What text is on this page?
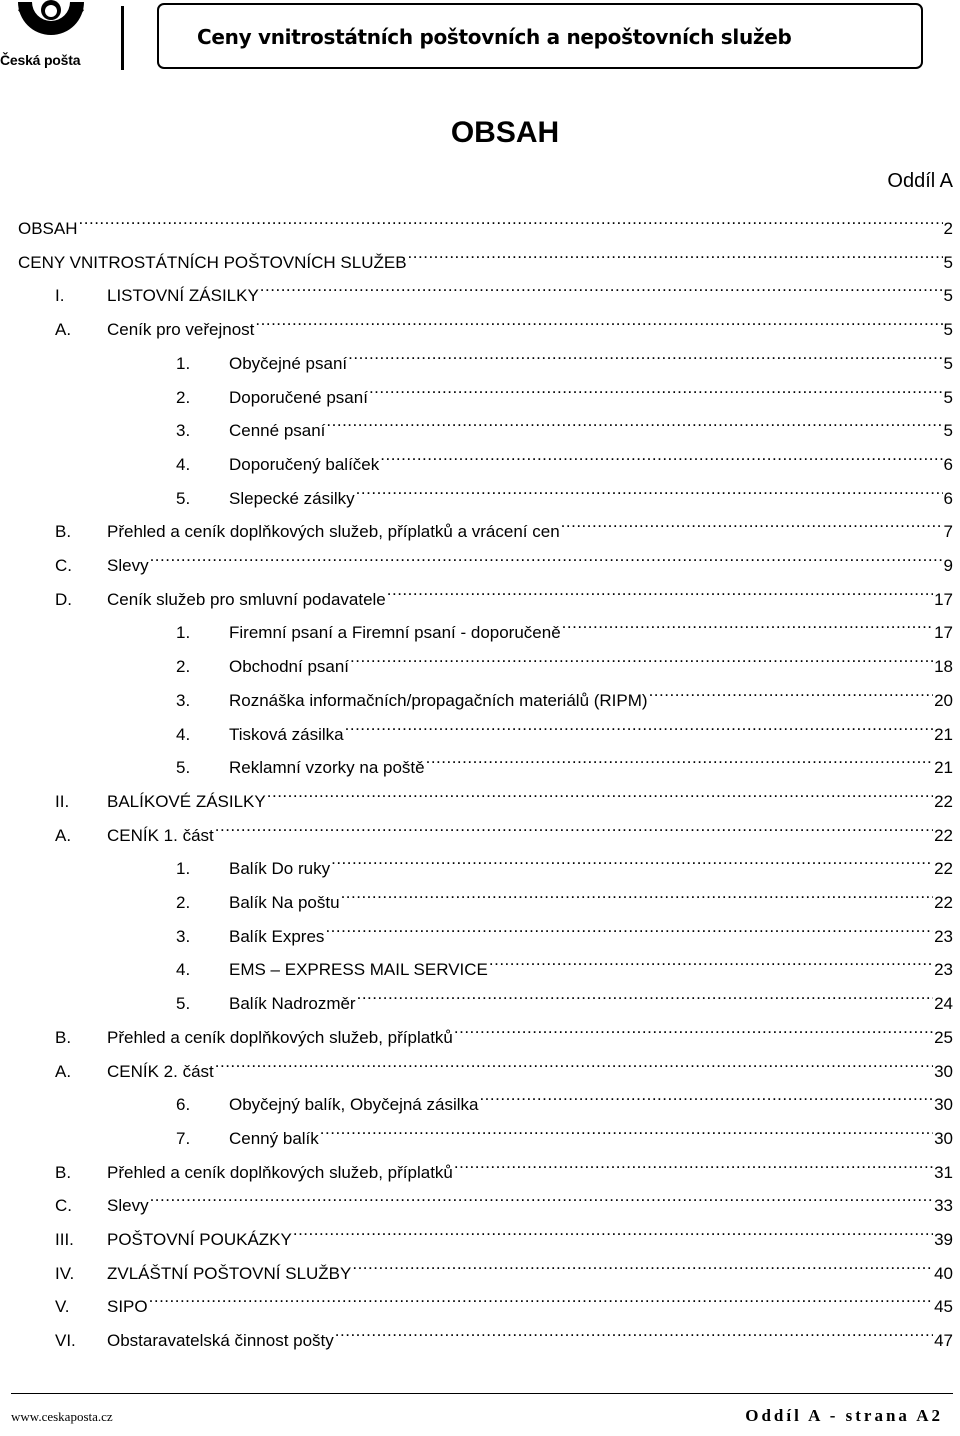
Česká pošta
Ceny vnitrostátních poštovních a nepoštovních služeb
OBSAH
Oddíl A
OBSAH .....	2
CENY VNITROSTÁTNÍCH POŠTOVNÍCH SLUŽEB .....	5
I.	LISTOVNÍ ZÁSILKY .....	5
A.	Ceník pro veřejnost .....	5
1.	Obyčejné psaní .....	5
2.	Doporučené psaní .....	5
3.	Cenné psaní .....	5
4.	Doporučený balíček .....	6
5.	Slepecké zásilky .....	6
B.	Přehled a ceník doplňkových služeb, příplatků a vrácení cen .....	7
C.	Slevy .....	9
D.	Ceník služeb pro smluvní podavatele .....	17
1.	Firemní psaní a Firemní psaní - doporučeně .....	17
2.	Obchodní psaní .....	18
3.	Roznáška informačních/propagačních materiálů (RIPM) .....	20
4.	Tisková zásilka .....	21
5.	Reklamní vzorky na poště .....	21
II.	BALÍKOVÉ ZÁSILKY .....	22
A.	CENÍK 1. část .....	22
1.	Balík Do ruky .....	22
2.	Balík Na poštu .....	22
3.	Balík Expres .....	23
4.	EMS – EXPRESS MAIL SERVICE .....	23
5.	Balík Nadrozměr .....	24
B.	Přehled a ceník doplňkových služeb, příplatků .....	25
A.	CENÍK 2. část .....	30
6.	Obyčejný balík, Obyčejná zásilka .....	30
7.	Cenný balík .....	30
B.	Přehled a ceník doplňkových služeb, příplatků .....	31
C.	Slevy .....	33
III.	POŠTOVNÍ POUKÁZKY .....	39
IV.	ZVLÁŠTNÍ POŠTOVNÍ SLUŽBY .....	40
V.	SIPO .....	45
VI.	Obstaravatelská činnost pošty .....	47
www.ceskaposta.cz	Oddíl A - strana A2
